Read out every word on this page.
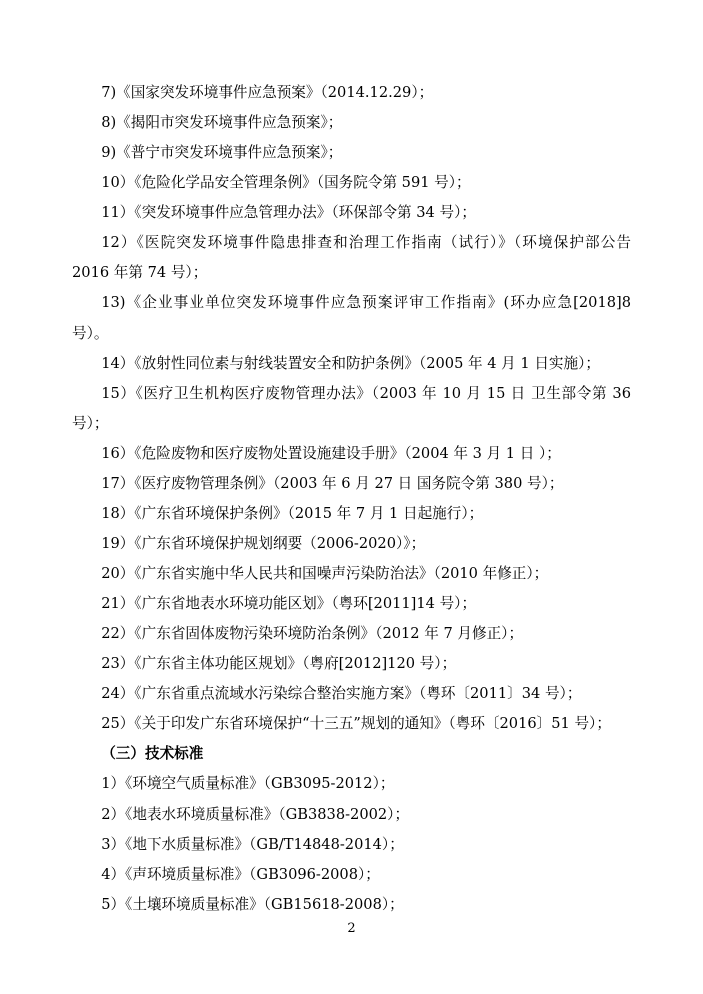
7)《国家突发环境事件应急预案》（2014.12.29）；

8)《揭阳市突发环境事件应急预案》；

9)《普宁市突发环境事件应急预案》；

10）《危险化学品安全管理条例》（国务院令第 591 号）；

11）《突发环境事件应急管理办法》（环保部令第 34 号）；

12）《医院突发环境事件隐患排查和治理工作指南（试行）》（环境保护部公告 2016 年第 74 号）；

13)《企业事业单位突发环境事件应急预案评审工作指南》(环办应急[2018]8 号）。

14）《放射性同位素与射线装置安全和防护条例》（2005 年 4 月 1 日实施）；

15）《医疗卫生机构医疗废物管理办法》（2003 年 10 月 15 日 卫生部令第 36 号）；

16）《危险废物和医疗废物处置设施建设手册》（2004 年 3 月 1 日 ）；

17）《医疗废物管理条例》（2003 年 6 月 27 日 国务院令第 380 号）；

18）《广东省环境保护条例》（2015 年 7 月 1 日起施行）；

19）《广东省环境保护规划纲要（2006-2020）》；

20）《广东省实施中华人民共和国噪声污染防治法》（2010 年修正）；

21）《广东省地表水环境功能区划》（粤环[2011]14 号）；

22）《广东省固体废物污染环境防治条例》（2012 年 7 月修正）；

23）《广东省主体功能区规划》（粤府[2012]120 号）；

24）《广东省重点流域水污染综合整治实施方案》（粤环〔2011〕34 号）；

25）《关于印发广东省环境保护“十三五”规划的通知》（粤环〔2016〕51 号）；

（三）技术标准

1）《环境空气质量标准》（GB3095-2012）；

2）《地表水环境质量标准》（GB3838-2002）；

3）《地下水质量标准》（GB/T14848-2014）；

4）《声环境质量标准》（GB3096-2008）；

5）《土壤环境质量标准》（GB15618-2008）；

2
